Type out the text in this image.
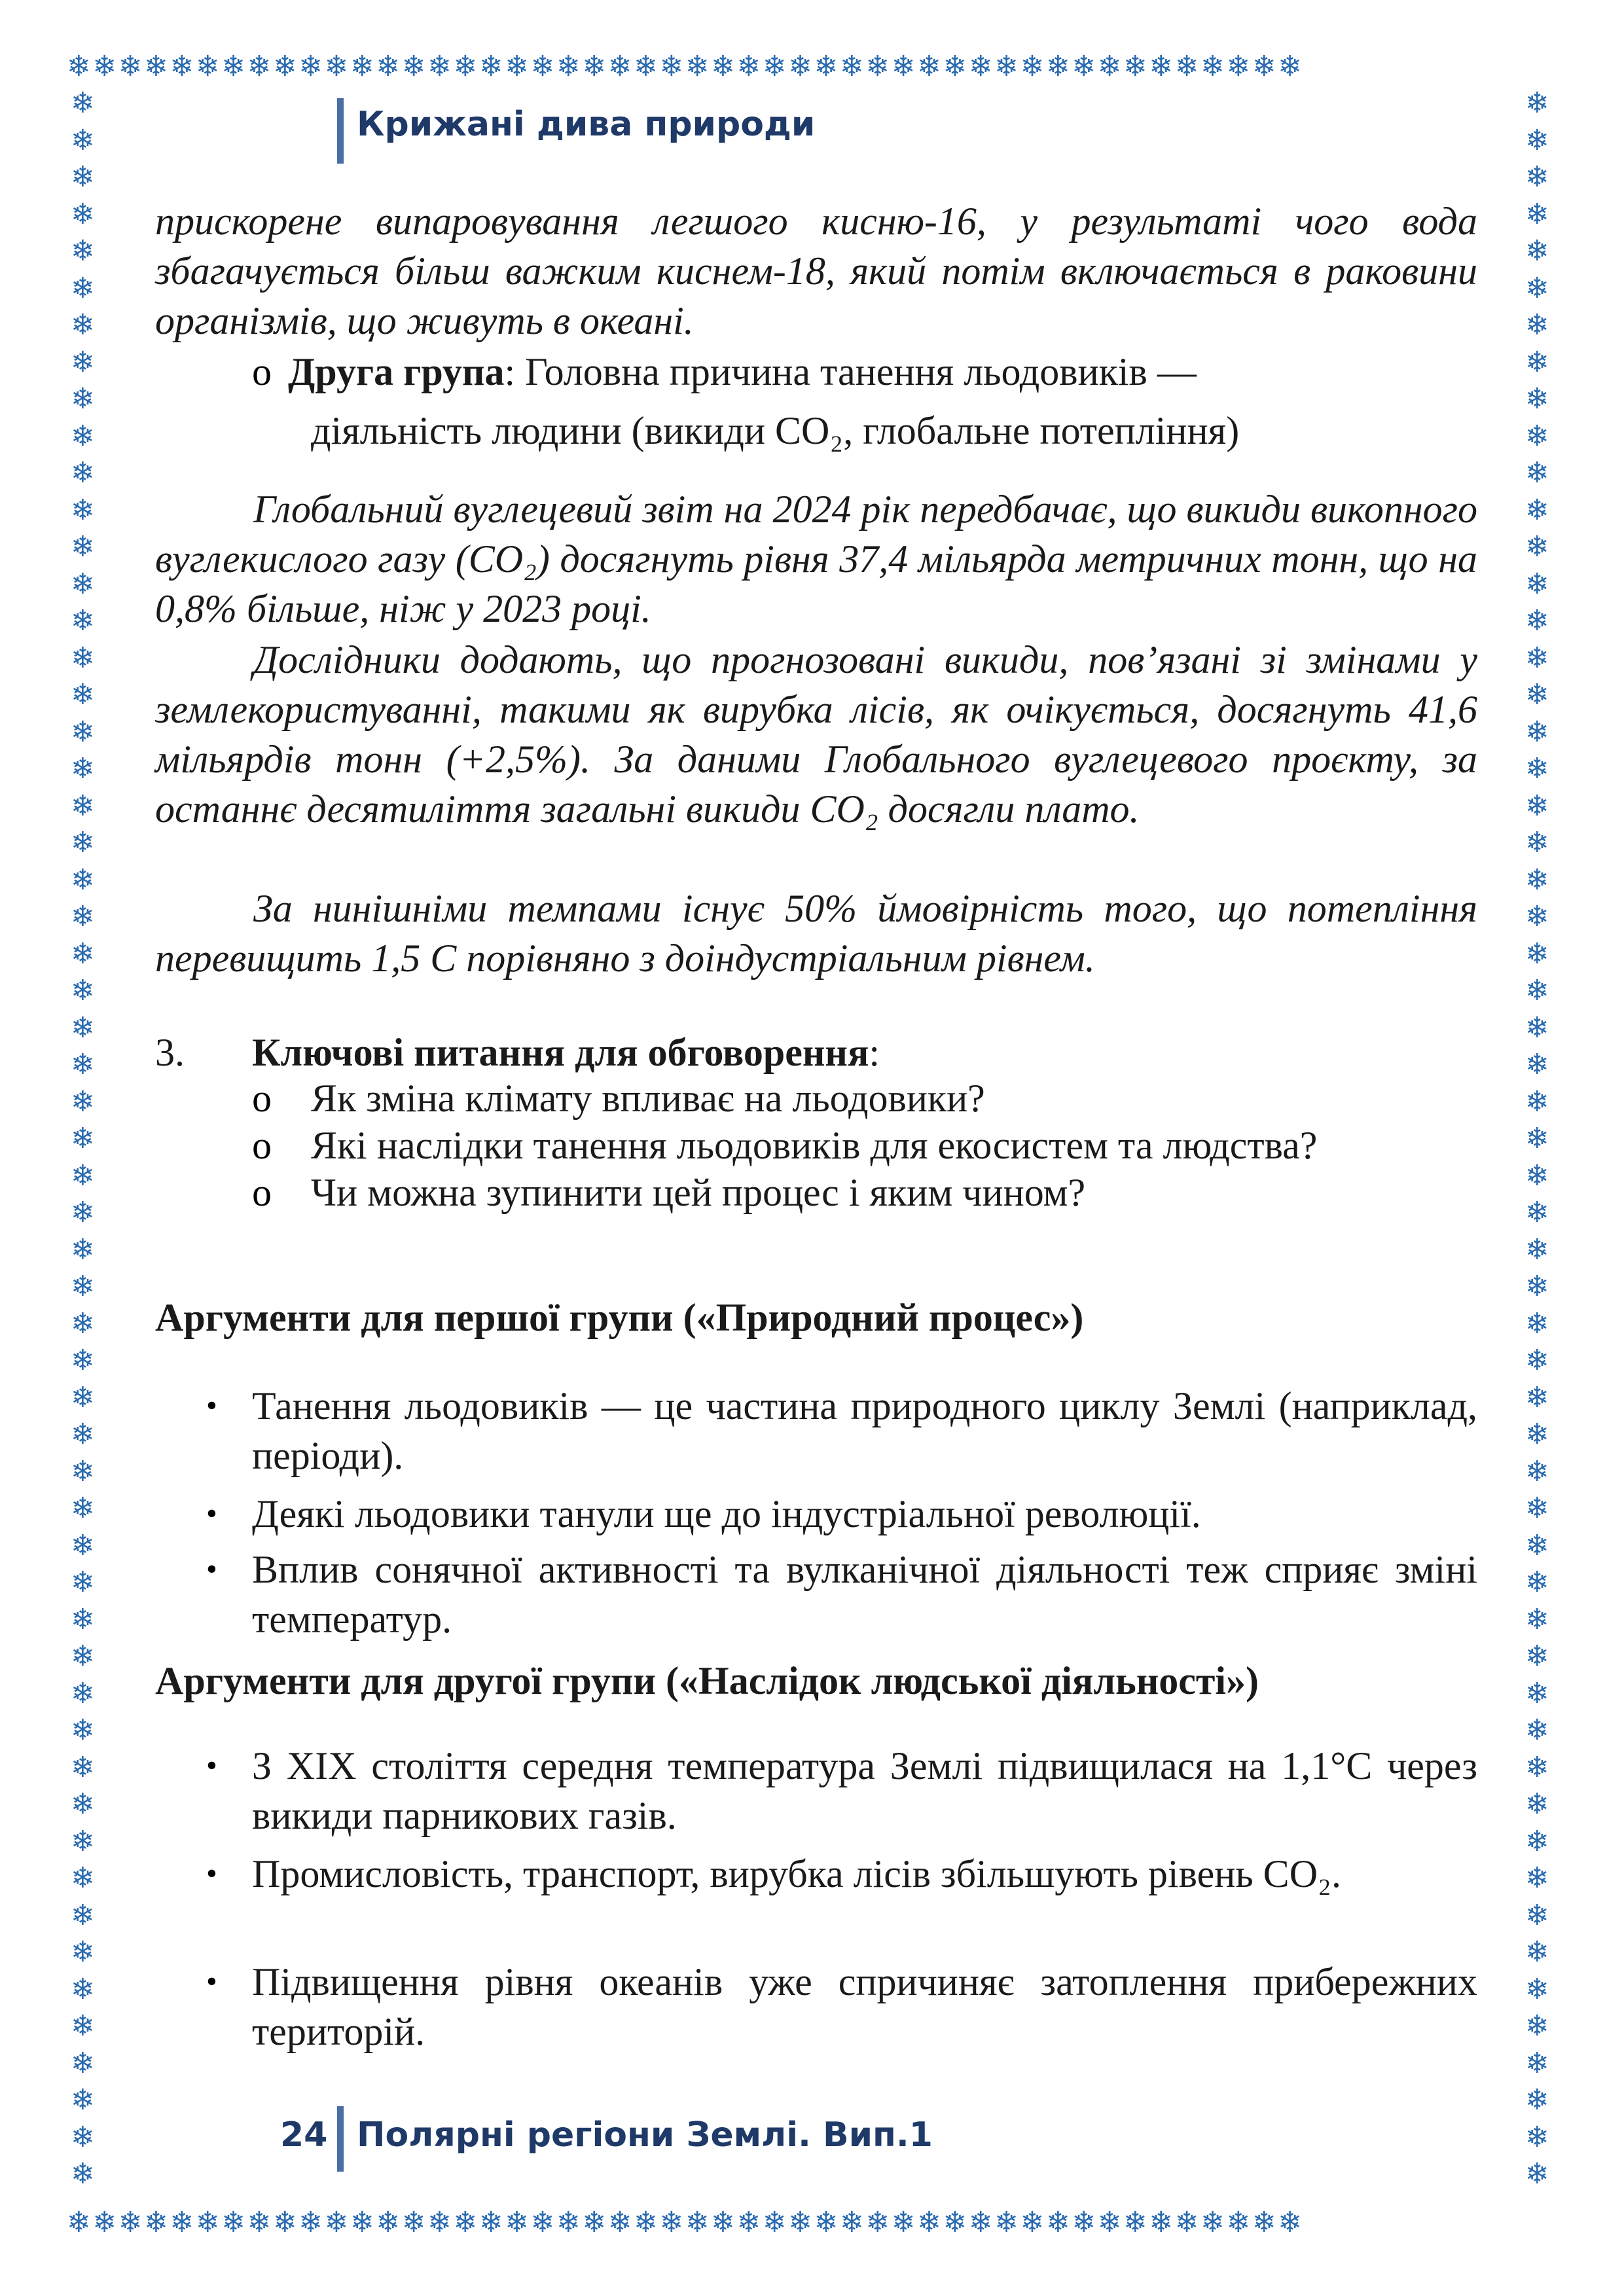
❄❄❄❄❄❄❄❄❄❄❄❄❄❄❄❄❄❄❄❄❄❄❄❄❄❄❄❄❄❄❄❄❄❄❄❄❄❄❄❄❄❄❄❄❄❄❄❄
❄❄❄❄❄❄❄❄❄❄❄❄❄❄❄❄❄❄❄❄❄❄❄❄❄❄❄❄❄❄❄❄❄❄❄❄❄❄❄❄❄❄❄❄❄❄❄❄
❄❄❄❄❄❄❄❄❄❄❄❄❄❄❄❄❄❄❄❄❄❄❄❄❄❄❄❄❄❄❄❄❄❄❄❄❄❄❄❄❄❄❄❄❄❄❄❄❄❄❄❄❄❄❄❄❄
❄❄❄❄❄❄❄❄❄❄❄❄❄❄❄❄❄❄❄❄❄❄❄❄❄❄❄❄❄❄❄❄❄❄❄❄❄❄❄❄❄❄❄❄❄❄❄❄❄❄❄❄❄❄❄❄❄
Крижані дива природи
прискорене випаровування легшого кисню-16, у результаті чого вода збагачується більш важким киснем-18, який потім включається в раковини організмів, що живуть в океані.
o Друга група: Головна причина танення льодовиків —
діяльність людини (викиди CO₂, глобальне потепління)
Глобальний вуглецевий звіт на 2024 рік передбачає, що викиди викопного вуглекислого газу (CO₂) досягнуть рівня 37,4 мільярда метричних тонн, що на 0,8% більше, ніж у 2023 році.
Дослідники додають, що прогнозовані викиди, пов’язані зі змінами у землекористуванні, такими як вирубка лісів, як очікується, досягнуть 41,6 мільярдів тонн (+2,5%). За даними Глобального вуглецевого проєкту, за останнє десятиліття загальні викиди CO₂ досягли плато.
За нинішніми темпами існує 50% ймовірність того, що потепління перевищить 1,5 С порівняно з доіндустріальним рівнем.
3. Ключові питання для обговорення:
o Як зміна клімату впливає на льодовики?
o Які наслідки танення льодовиків для екосистем та людства?
o Чи можна зупинити цей процес і яким чином?
Аргументи для першої групи («Природний процес»)
• Танення льодовиків — це частина природного циклу Землі (наприклад, періоди).
• Деякі льодовики танули ще до індустріальної революції.
• Вплив сонячної активності та вулканічної діяльності теж сприяє зміні температур.
Аргументи для другої групи («Наслідок людської діяльності»)
• З XIX століття середня температура Землі підвищилася на 1,1°C через викиди парникових газів.
• Промисловість, транспорт, вирубка лісів збільшують рівень CO₂.
• Підвищення рівня океанів уже спричиняє затоплення прибережних територій.
24 Полярні регіони Землі. Вип.1
